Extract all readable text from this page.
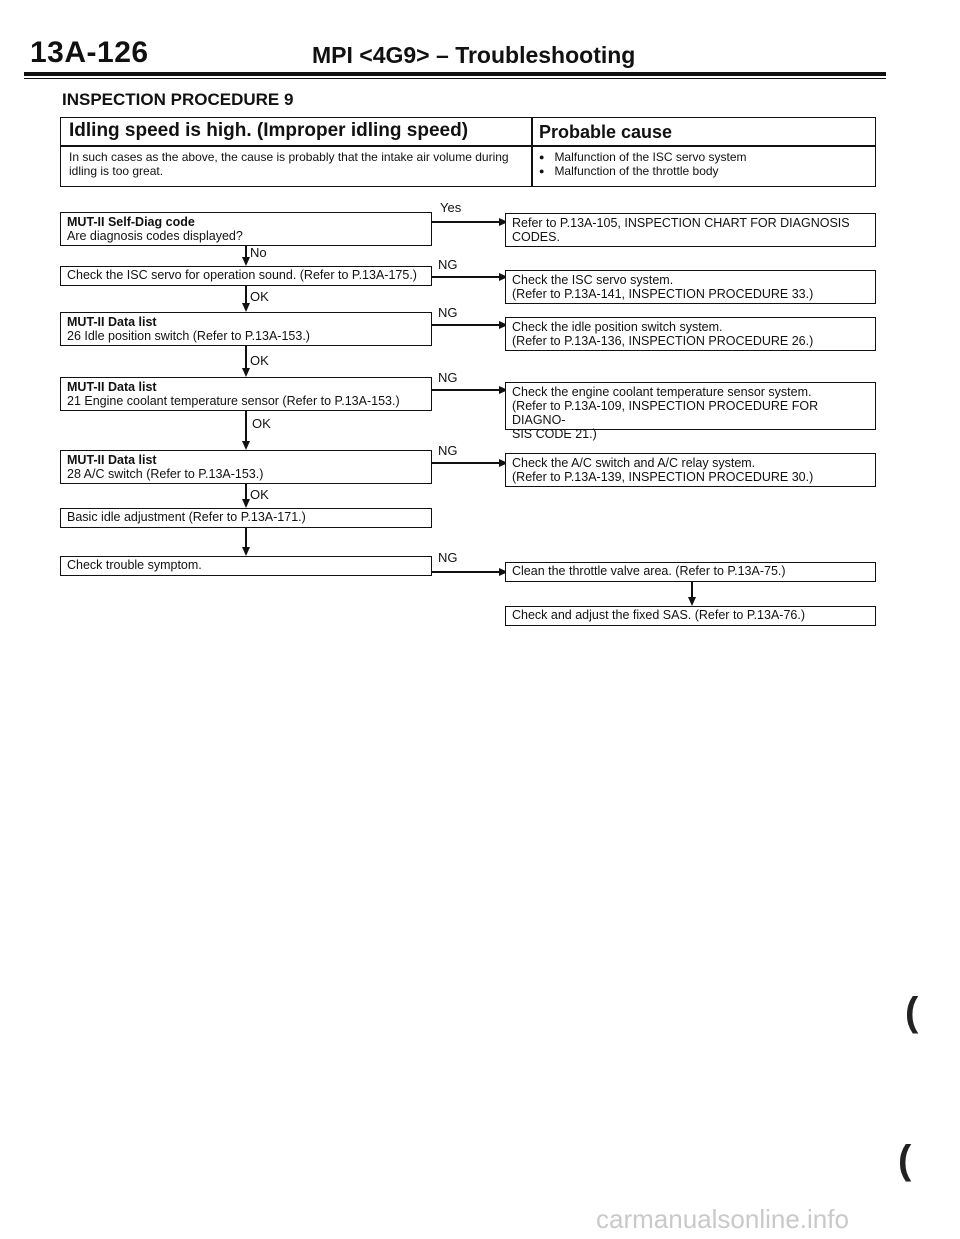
13A-126	MPI <4G9> – Troubleshooting
INSPECTION PROCEDURE 9
Idling speed is high. (Improper idling speed)	Probable cause
In such cases as the above, the cause is probably that the intake air volume during idling is too great.
● Malfunction of the ISC servo system
● Malfunction of the throttle body
MUT-II Self-Diag code
Are diagnosis codes displayed?
Check the ISC servo for operation sound. (Refer to P.13A-175.)
MUT-II Data list
26 Idle position switch (Refer to P.13A-153.)
MUT-II Data list
21 Engine coolant temperature sensor (Refer to P.13A-153.)
MUT-II Data list
28 A/C switch (Refer to P.13A-153.)
Basic idle adjustment (Refer to P.13A-171.)
Check trouble symptom.
No
OK
OK
OK
OK
Yes
NG
NG
NG
NG
NG
Refer to P.13A-105, INSPECTION CHART FOR DIAGNOSIS
CODES.
Check the ISC servo system.
(Refer to P.13A-141, INSPECTION PROCEDURE 33.)
Check the idle position switch system.
(Refer to P.13A-136, INSPECTION PROCEDURE 26.)
Check the engine coolant temperature sensor system.
(Refer to P.13A-109, INSPECTION PROCEDURE FOR DIAGNO-
SIS CODE 21.)
Check the A/C switch and A/C relay system.
(Refer to P.13A-139, INSPECTION PROCEDURE 30.)
Clean the throttle valve area. (Refer to P.13A-75.)
Check and adjust the fixed SAS. (Refer to P.13A-76.)
(
(
carmanualsonline.info
